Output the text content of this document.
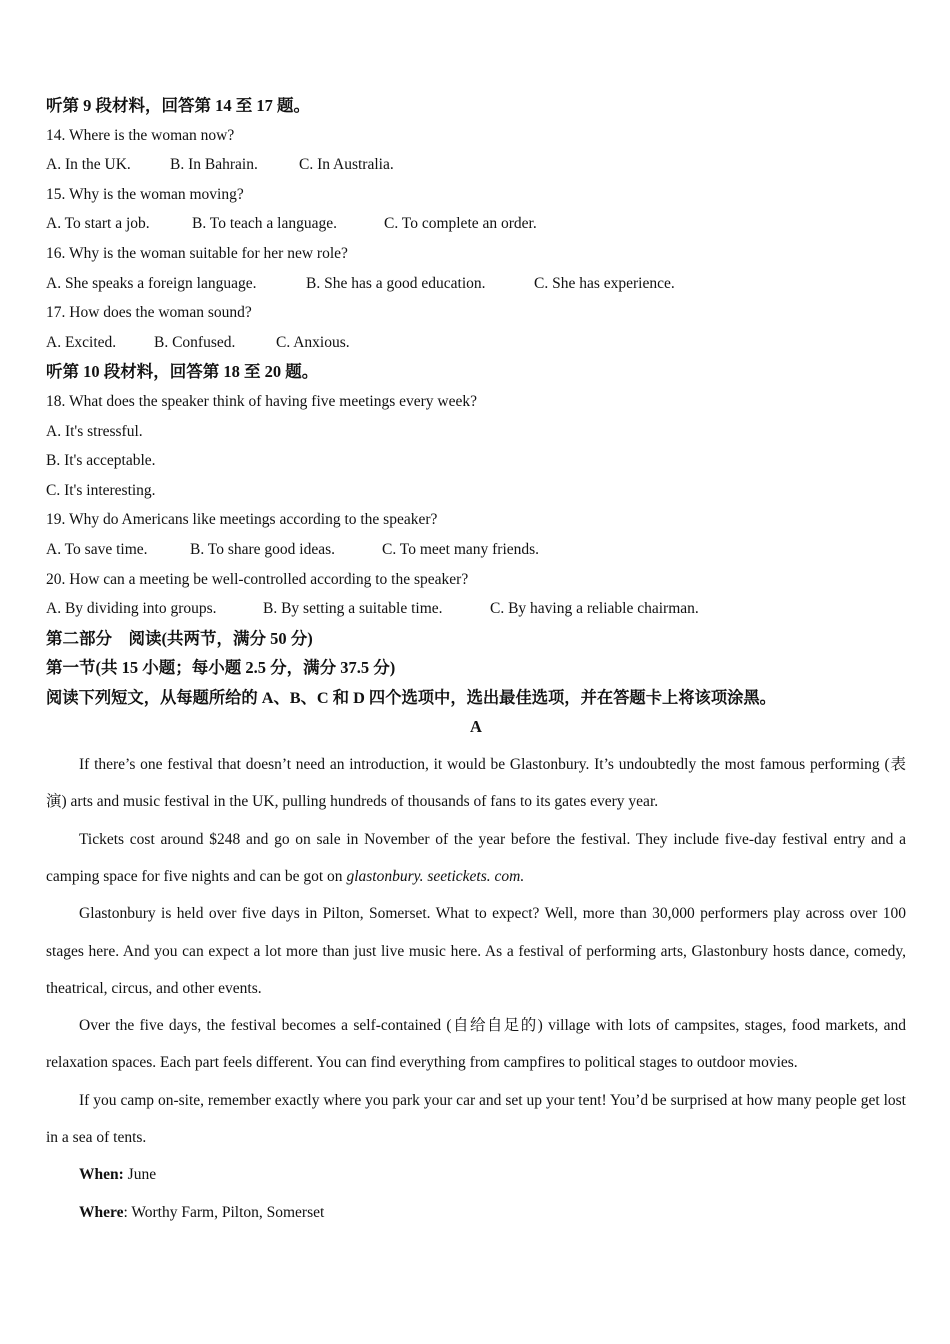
听第 9 段材料，回答第 14 至 17 题。
14. Where is the woman now?
A. In the UK.	B. In Bahrain.	C. In Australia.
15. Why is the woman moving?
A. To start a job.	B. To teach a language.	C. To complete an order.
16. Why is the woman suitable for her new role?
A. She speaks a foreign language.	B. She has a good education.	C. She has experience.
17. How does the woman sound?
A. Excited. B. Confused.	C. Anxious.
听第 10 段材料，回答第 18 至 20 题。
18. What does the speaker think of having five meetings every week?
A. It's stressful.
B. It's acceptable.
C. It's interesting.
19. Why do Americans like meetings according to the speaker?
A. To save time.	B. To share good ideas.	C. To meet many friends.
20. How can a meeting be well-controlled according to the speaker?
A. By dividing into groups.	B. By setting a suitable time.	C. By having a reliable chairman.
第二部分　阅读(共两节，满分 50 分)
第一节(共 15 小题；每小题 2.5 分，满分 37.5 分)
阅读下列短文，从每题所给的 A、B、C 和 D 四个选项中，选出最佳选项，并在答题卡上将该项涂黑。
A

If there’s one festival that doesn’t need an introduction, it would be Glastonbury. It’s undoubtedly the most famous performing (表演) arts and music festival in the UK, pulling hundreds of thousands of fans to its gates every year.

Tickets cost around $248 and go on sale in November of the year before the festival. They include five-day festival entry and a camping space for five nights and can be got on glastonbury. seetickets. com.

Glastonbury is held over five days in Pilton, Somerset. What to expect? Well, more than 30,000 performers play across over 100 stages here. And you can expect a lot more than just live music here. As a festival of performing arts, Glastonbury hosts dance, comedy, theatrical, circus, and other events.

Over the five days, the festival becomes a self-contained (自给自足的) village with lots of campsites, stages, food markets, and relaxation spaces. Each part feels different. You can find everything from campfires to political stages to outdoor movies.

If you camp on-site, remember exactly where you park your car and set up your tent! You’d be surprised at how many people get lost in a sea of tents.

When: June
Where: Worthy Farm, Pilton, Somerset
